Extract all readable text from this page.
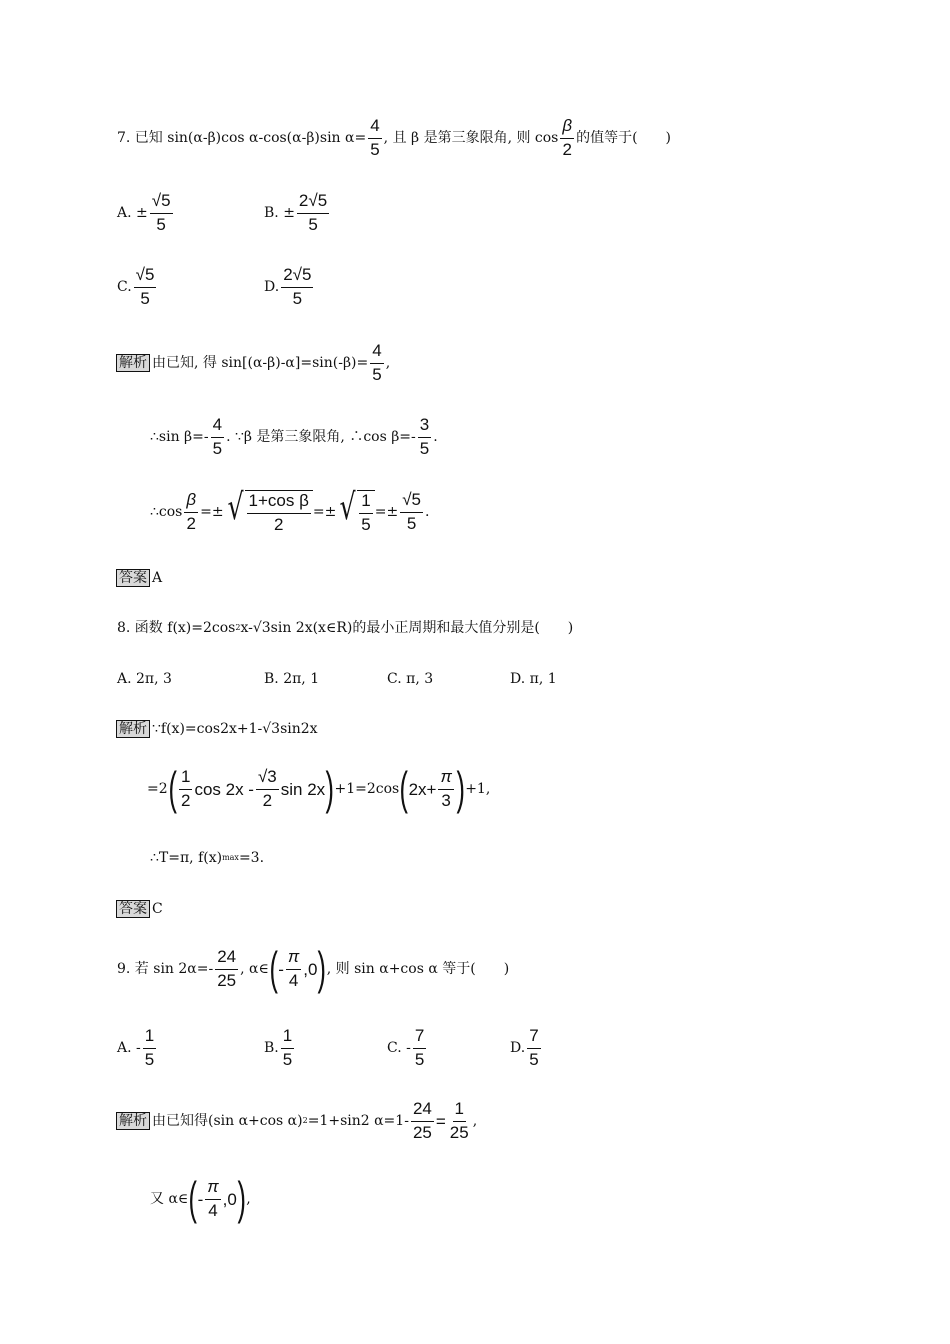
7. 已知 sin(α-β)cos α-cos(α-β)sin $\alpha= \frac{4}{5}$ , 且 β 是第三象限角, 则 $\cos \frac{\beta}{2}$ 的值等于(　　)
A. ± $\frac{√5}{5}$	B. ± $\frac{2√5}{5}$
C. $\frac{√5}{5}$	D. $\frac{2√5}{5}$
解析 由已知, 得 $\sin[(\alpha-\beta)-\alpha]=\sin(-\beta)= \frac{4}{5}$ ,
∴sin $\beta=- \frac{4}{5}$ . ∵β 是第三象限角, ∴cos $\beta=- \frac{3}{5}$ .
∴cos $\frac{\beta}{2}$ =± √ $\frac{\text{1+cos β}}{2}$ =± √ $\frac{1}{5} =\pm \frac{√5}{5}$ .
答案 A
8. 函数 f(x)=2cos 2 x-√3sin 2x(x∈R)的最小正周期和最大值分别是(　　)
A. 2π, 3	B. 2π, 1	C. π, 3	D. π, 1
解析 ∵f(x)=cos2x+1-√3sin2x
=2 ( $\frac{1}{2}$ $\cos 2x - \frac{√3}{2}$ sin 2x ) +1=2cos ( $2x+ \frac{\pi}{3}$ ) +1,
∴T=π, f(x) max =3.
答案 C
9. 若 $\sin 2\alpha=- \frac{24}{25}$ , α∈ ( - $\frac{\pi}{4} ,0$ ) , 则 sin α+cos α 等于(　　)
A. - $\frac{1}{5}$	B. $\frac{1}{5}$	C. - $\frac{7}{5}$	D. $\frac{7}{5}$
解析 由已知得(sin α+cos α) 2 =1+sin2 $\alpha=1- \frac{24}{25} = \frac{1}{25}$ ,
又 α∈ ( - $\frac{\pi}{4} ,0$ ) ,
